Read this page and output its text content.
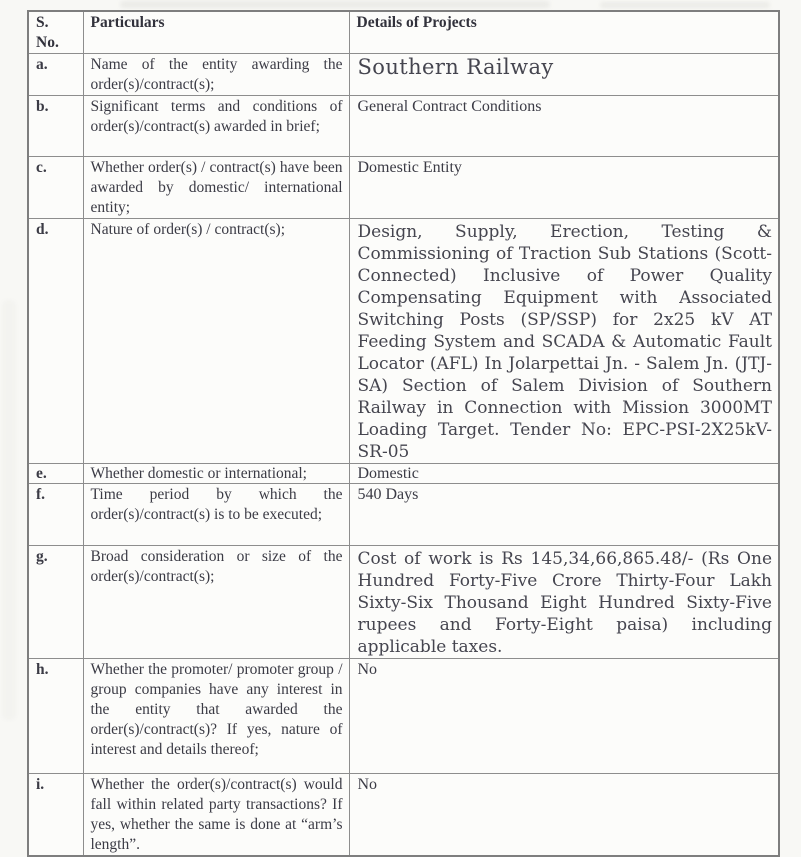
S. No.	Particulars	Details of Projects
a.	Name of the entity awarding the order(s)/contract(s);	Southern Railway
b.	Significant terms and conditions of order(s)/contract(s) awarded in brief;	General Contract Conditions
c.	Whether order(s) / contract(s) have been awarded by domestic/ international entity;	Domestic Entity
d.	Nature of order(s) / contract(s);	Design, Supply, Erection, Testing & Commissioning of Traction Sub Stations (Scott-Connected) Inclusive of Power Quality Compensating Equipment with Associated Switching Posts (SP/SSP) for 2x25 kV AT Feeding System and SCADA & Automatic Fault Locator (AFL) In Jolarpettai Jn. - Salem Jn. (JTJ-SA) Section of Salem Division of Southern Railway in Connection with Mission 3000MT Loading Target. Tender No: EPC-PSI-2X25kV-SR-05
e.	Whether domestic or international;	Domestic
f.	Time period by which the order(s)/contract(s) is to be executed;	540 Days
g.	Broad consideration or size of the order(s)/contract(s);	Cost of work is Rs 145,34,66,865.48/- (Rs One Hundred Forty-Five Crore Thirty-Four Lakh Sixty-Six Thousand Eight Hundred Sixty-Five rupees and Forty-Eight paisa) including applicable taxes.
h.	Whether the promoter/ promoter group / group companies have any interest in the entity that awarded the order(s)/contract(s)? If yes, nature of interest and details thereof;	No
i.	Whether the order(s)/contract(s) would fall within related party transactions? If yes, whether the same is done at “arm’s length”.	No
